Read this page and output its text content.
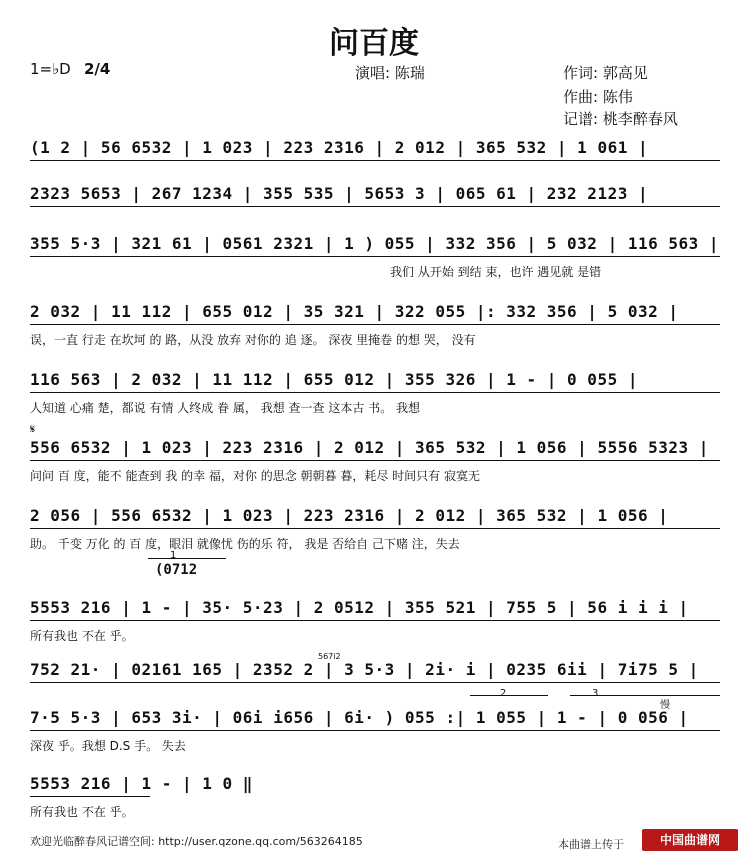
问百度
1=♭D 2/4	演唱: 陈瑞	作词: 郭高见
作曲: 陈伟
记谱: 桃李醉春风
(1 2 | 56 6532 | 1 023 | 223 2316 | 2 012 | 365 532 | 1 061 |
2323 5653 | 267 1234 | 355 535 | 5653 3 | 065 61 | 232 2123 |
355 5·3 | 321 61 | 0561 2321 | 1 ) 055 | 332 356 | 5 032 | 116 563 |
我们 从开始 到结 束，也许 遇见就 是错
2 032 | 11 112 | 655 012 | 35 321 | 322 055 |: 332 356 | 5 032 |
误，一直 行走 在坎坷 的 路，从没 放弃 对你的 追 逐。 深夜 里掩卷 的想 哭， 没有
116 563 | 2 032 | 11 112 | 655 012 | 355 326 | 1 - | 0 055 |
人知道 心痛 楚，都说 有情 人终成 眷 属， 我想 查一查 这本古 书。 我想
𝄋
556 6532 | 1 023 | 223 2316 | 2 012 | 365 532 | 1 056 | 5556 5323 |
问问 百 度，能不 能查到 我 的幸 福，对你 的思念 朝朝暮 暮，耗尽 时间只有 寂寞无
2 056 | 556 6532 | 1 023 | 223 2316 | 2 012 | 365 532 | 1 056 |
助。 千变 万化 的 百 度，眼泪 就像忧 伤的乐 符， 我是 否给自 己下赌 注，失去
1
(0712
5553 216 | 1 - | 35· 5·23 | 2 0512 | 355 521 | 755 5 | 56 i i i |
所有我也 不在 乎。
752 21· | 02161 165 | 2352 2 | 3 5·3 | 2i· i | 0235 6ii | 7i75 5 |
567i2
2	3
慢
7·5 5·3 | 653 3i· | 06i i656 | 6i· ) 055 :| 1 055 | 1 - | 0 056 |
深夜 乎。我想 D.S 手。 失去
5553 216 | 1 - | 1 0 ‖
所有我也 不在 乎。
欢迎光临醉春风记谱空间: http://user.qzone.qq.com/563264185	本曲谱上传于	中国曲谱网
